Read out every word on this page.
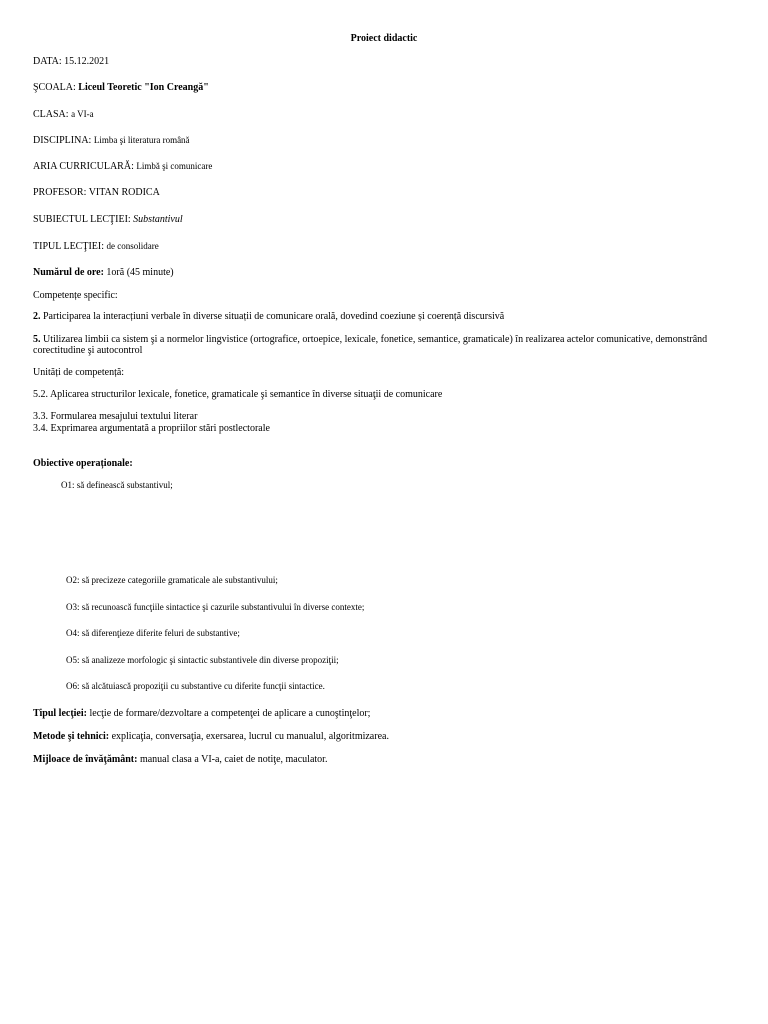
Proiect didactic
DATA: 15.12.2021
ŞCOALA: Liceul Teoretic "Ion Creangă"
CLASA: a VI-a
DISCIPLINA: Limba şi literatura română
ARIA CURRICULARĂ: Limbă şi comunicare
PROFESOR: VITAN RODICA
SUBIECTUL LECŢIEI: Substantivul
TIPUL LECŢIEI: de consolidare
Numărul de ore: 1oră (45 minute)
Competențe specific:
2. Participarea la interacțiuni verbale în diverse situații de comunicare orală, dovedind coeziune și coerență discursivă
5. Utilizarea limbii ca sistem şi a normelor lingvistice (ortografice, ortoepice, lexicale, fonetice, semantice, gramaticale) în realizarea actelor comunicative, demonstrând corectitudine şi autocontrol
Unități de competență:
5.2. Aplicarea structurilor lexicale, fonetice, gramaticale şi semantice în diverse situaţii de comunicare
3.3. Formularea mesajului textului literar
3.4. Exprimarea argumentată a propriilor stări postlectorale
Obiective operaționale:
O1: să definească substantivul;
O2: să precizeze categoriile gramaticale ale substantivului;
O3: să recunoască funcţiile sintactice şi cazurile substantivului în diverse contexte;
O4: să diferenţieze diferite feluri de substantive;
O5: să analizeze morfologic şi sintactic substantivele din diverse propoziţii;
O6: să alcătuiască propoziţii cu substantive cu diferite funcţii sintactice.
Tipul lecţiei: lecţie de formare/dezvoltare a competenţei de aplicare a cunoştinţelor;
Metode şi tehnici: explicaţia, conversaţia, exersarea, lucrul cu manualul, algoritmizarea.
Mijloace de învăţământ: manual clasa a VI-a, caiet de notiţe, maculator.
